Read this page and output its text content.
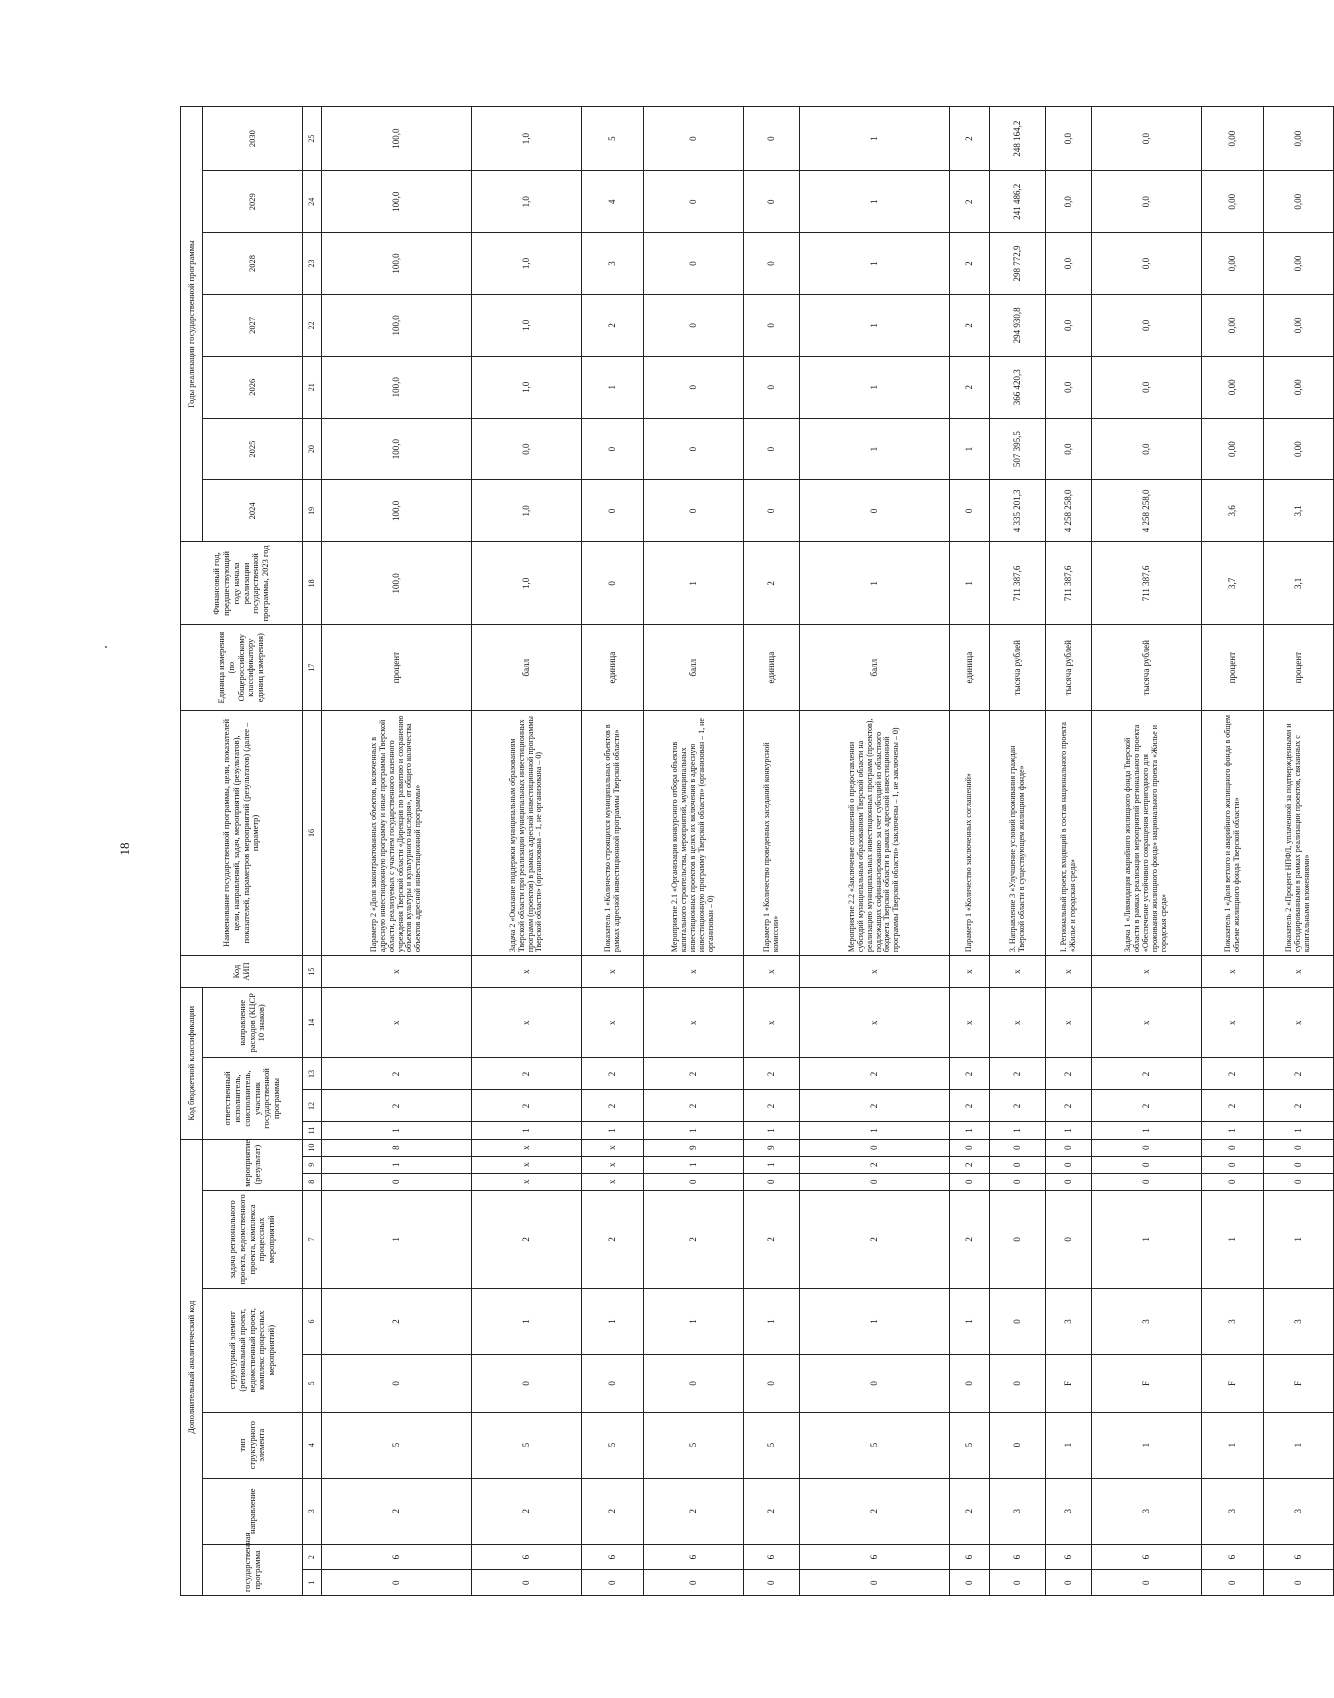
18
Дополнительный аналитический код										Код бюджетной классификации				Код АИП	Наименование государственной программы, цели, показателей цели, направлений, задач, мероприятий (результатов), показателей, параметров мероприятий (результатов) (далее – параметр)	Единица измерения (по Общероссийскому классификатору единиц измерения)	Финансовый год, предшествующий году начала реализации государственной программы, 2023 год	Годы реализации государственной программы						
государственная программа		направление	тип структурного элемента	структурный элемент (региональный проект, ведомственный проект, комплекс процессных мероприятий)		задача регионального проекта, ведомственного проекта, комплекса процессных мероприятий	мероприятие (результат)			ответственный исполнитель, соисполнитель, участник государственной программы			направление расходов (КЦСР 10 знаков)					2024	2025	2026	2027	2028	2029	2030

1	2	3	4	5	6	7	8	9	10	11	12	13	14	15	16	17	18	19	20	21	22	23	24	25
0	6	2	5	0	2	1	0	1	8	1	2	2	x	x	Параметр 2 «Доля законтрактованных объектов, включенных в адресную инвестиционную программу и иные программы Тверской области, реализуемых с участием государственного казенного учреждения Тверской области «Дирекция по развитию и сохранению объектов культуры и культурного наследия», от общего количества объектов адресной инвестиционной программы»	процент	100,0	100,0	100,0	100,0	100,0	100,0	100,0	100,0
0	6	2	5	0	1	2	x	x	x	1	2	2	x	x	Задача 2 «Оказание поддержки муниципальным образованиям Тверской области при реализации муниципальных инвестиционных программ (проектов) в рамках адресной инвестиционной программы Тверской области» (организована – 1, не организована – 0)	балл	1,0	1,0	0,0	1,0	1,0	1,0	1,0	1,0
0	6	2	5	0	1	2	x	x	x	1	2	2	x	x	Показатель 1 «Количество строящихся муниципальных объектов в рамках адресной инвестиционной программы Тверской области»	единица	0	0	0	1	2	3	4	5
0	6	2	5	0	1	2	0	1	9	1	2	2	x	x	Мероприятие 2.1 «Организация конкурсного отбора объектов капитального строительства, мероприятий, муниципальных инвестиционных проектов в целях их включения в адресную инвестиционную программу Тверской области» (организован – 1, не организован – 0)	балл	1	0	0	0	0	0	0	0
0	6	2	5	0	1	2	0	1	9	1	2	2	x	x	Параметр 1 «Количество проведенных заседаний конкурсной комиссии»	единица	2	0	0	0	0	0	0	0
0	6	2	5	0	1	2	0	2	0	1	2	2	x	x	Мероприятие 2.2 «Заключение соглашений о предоставлении субсидий муниципальным образованиям Тверской области на реализацию муниципальных инвестиционных программ (проектов), подлежащих софинансированию за счет субсидий из областного бюджета Тверской области в рамках адресной инвестиционной программы Тверской области» (заключены – 1, не заключены – 0)	балл	1	0	1	1	1	1	1	1
0	6	2	5	0	1	2	0	2	0	1	2	2	x	x	Параметр 1 «Количество заключенных соглашений»	единица	1	0	1	2	2	2	2	2
0	6	3	0	0	0	0	0	0	0	1	2	2	x	x	3. Направление 3 «Улучшение условий проживания граждан Тверской области в существующем жилищном фонде»	тысяча рублей	711 387,6	4 335 201,3	507 395,5	366 420,3	294 930,8	298 772,9	241 486,2	248 164,2
0	6	3	1	F	3	0	0	0	0	1	2	2	x	x	I. Региональный проект, входящий в состав национального проекта «Жилье и городская среда»	тысяча рублей	711 387,6	4 258 258,0	0,0	0,0	0,0	0,0	0,0	0,0
0	6	3	1	F	3	1	0	0	0	1	2	2	x	x	Задача 1 «Ликвидация аварийного жилищного фонда Тверской области в рамках реализации мероприятий регионального проекта «Обеспечение устойчивого сокращения непригодного для проживания жилищного фонда» национального проекта «Жилье и городская среда»	тысяча рублей	711 387,6	4 258 258,0	0,0	0,0	0,0	0,0	0,0	0,0
0	6	3	1	F	3	1	0	0	0	1	2	2	x	x	Показатель 1 «Доля ветхого и аварийного жилищного фонда в общем объеме жилищного фонда Тверской области»	процент	3,7	3,6	0,00	0,00	0,00	0,00	0,00	0,00
0	6	3	1	F	3	1	0	0	0	1	2	2	x	x	Показатель 2 «Процент НПФЛ, уплаченной за подтвержденными и субсидированными в рамках реализации проектов, связанных с капитальными вложениями»	процент	3,1	3,1	0,00	0,00	0,00	0,00	0,00	0,00
